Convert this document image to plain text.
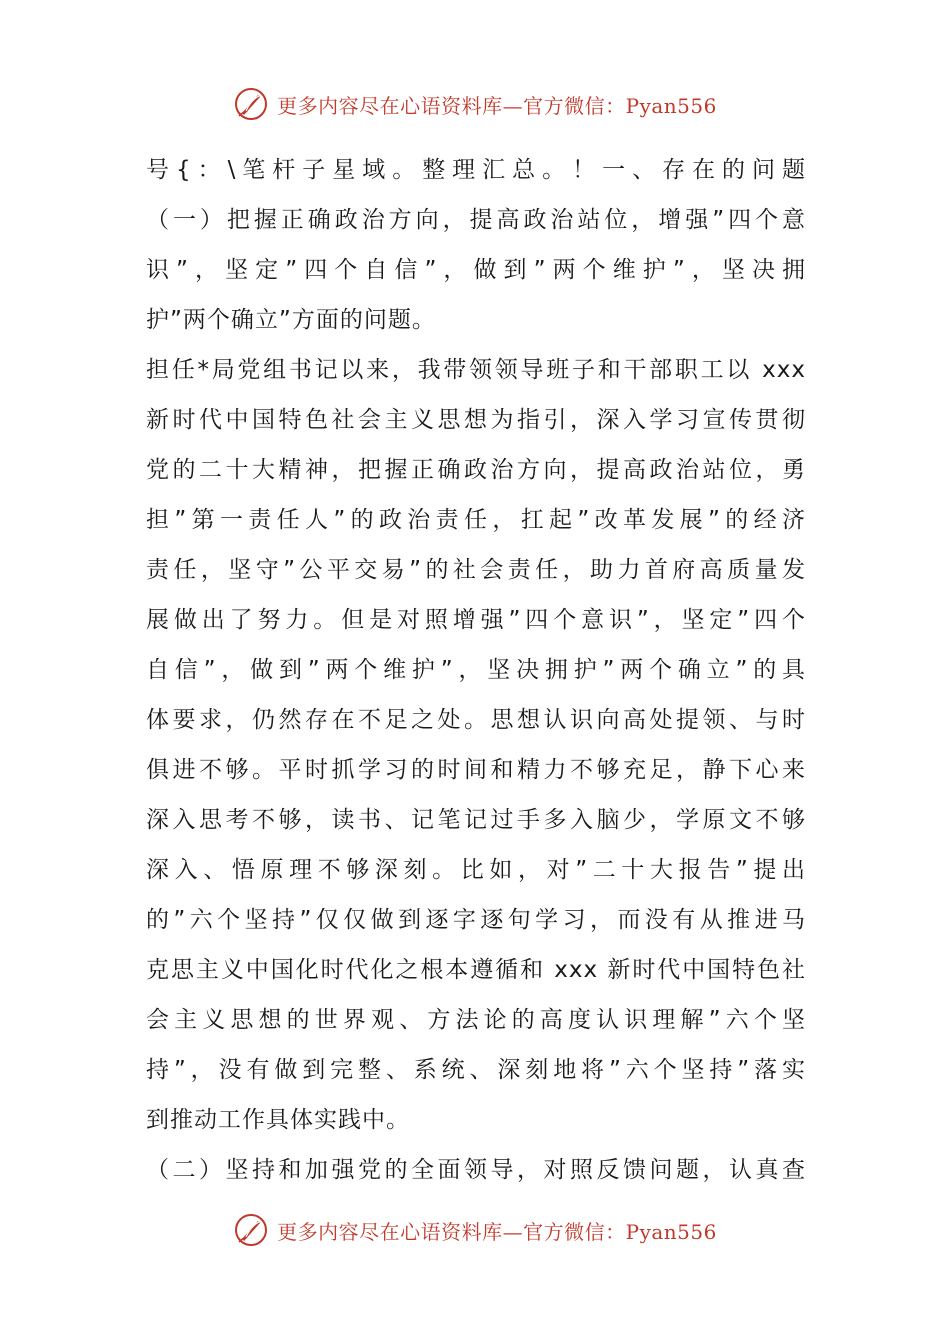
更多内容尽在心语资料库—官方微信：Pyan556
号{：\笔杆子星域。整理汇总。！一、存在的问题
（一）把握正确政治方向，提高政治站位，增强”四个意
识”，坚定”四个自信”，做到”两个维护”，坚决拥
护”两个确立”方面的问题。
担任*局党组书记以来，我带领领导班子和干部职工以 xxx
新时代中国特色社会主义思想为指引，深入学习宣传贯彻
党的二十大精神，把握正确政治方向，提高政治站位，勇
担”第一责任人”的政治责任，扛起”改革发展”的经济
责任，坚守”公平交易”的社会责任，助力首府高质量发
展做出了努力。但是对照增强”四个意识”，坚定”四个
自信”，做到”两个维护”，坚决拥护”两个确立”的具
体要求，仍然存在不足之处。思想认识向高处提领、与时
俱进不够。平时抓学习的时间和精力不够充足，静下心来
深入思考不够，读书、记笔记过手多入脑少，学原文不够
深入、悟原理不够深刻。比如，对”二十大报告”提出
的”六个坚持”仅仅做到逐字逐句学习，而没有从推进马
克思主义中国化时代化之根本遵循和 xxx 新时代中国特色社
会主义思想的世界观、方法论的高度认识理解”六个坚
持”，没有做到完整、系统、深刻地将”六个坚持”落实
到推动工作具体实践中。
（二）坚持和加强党的全面领导，对照反馈问题，认真查
更多内容尽在心语资料库—官方微信：Pyan556
